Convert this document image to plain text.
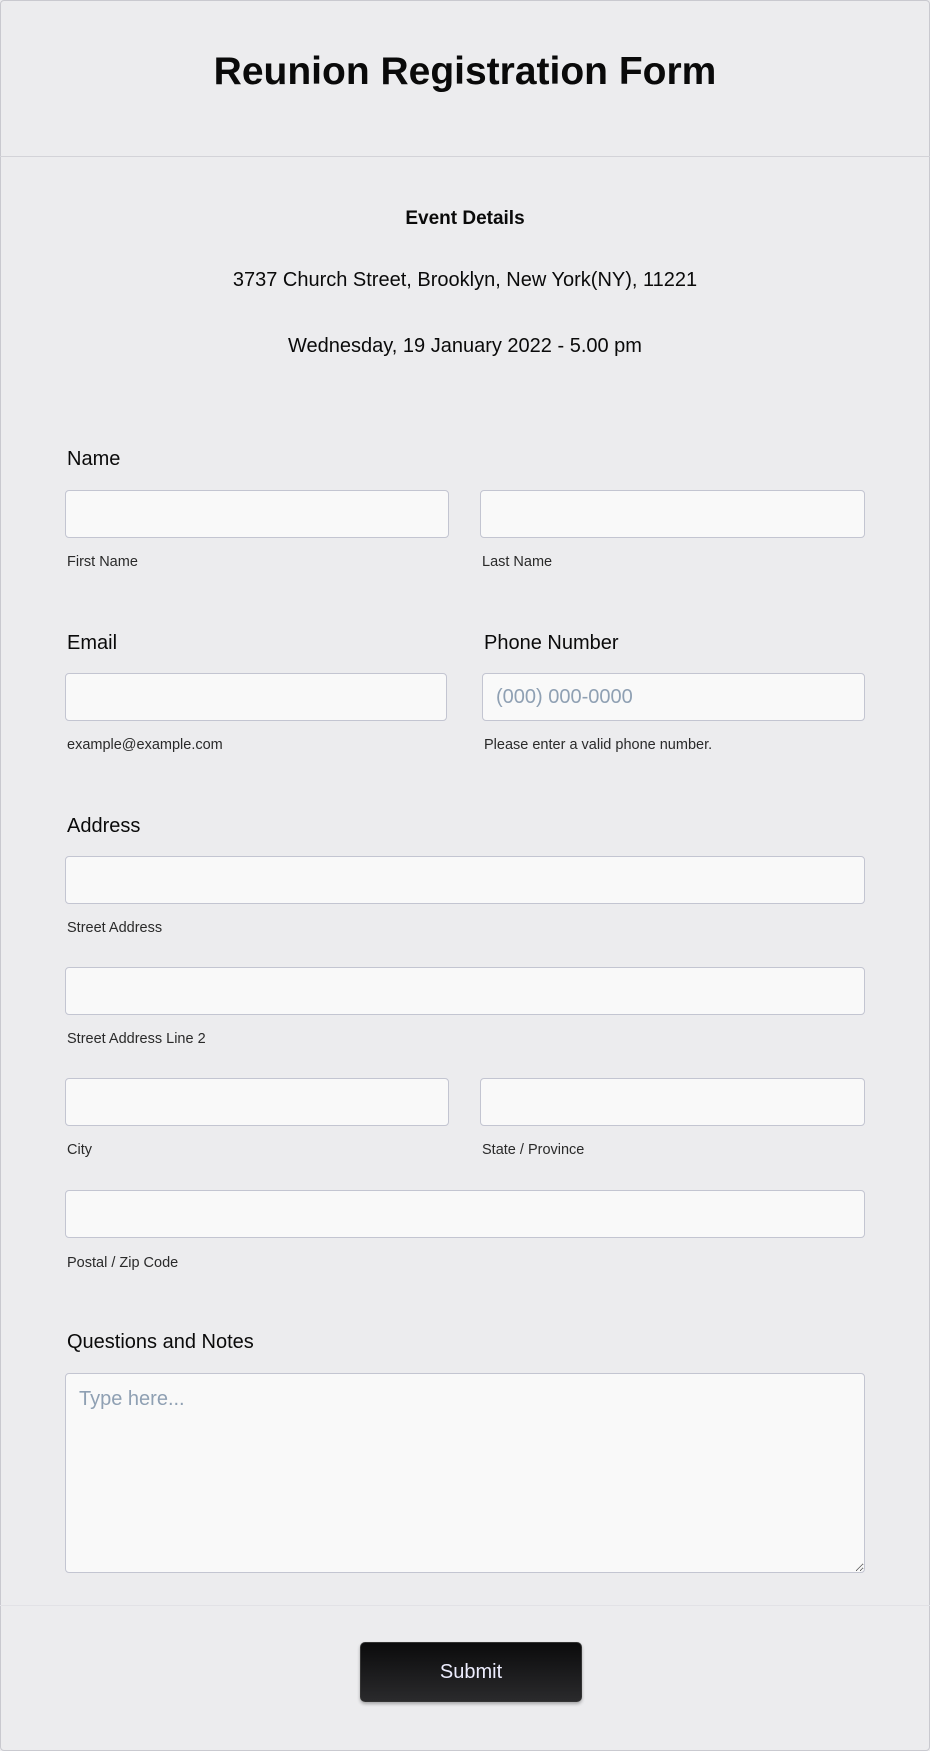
Reunion Registration Form
Event Details
3737 Church Street, Brooklyn, New York(NY), 11221
Wednesday, 19 January 2022 - 5.00 pm
Name
First Name	Last Name
Email	Phone Number
(000) 000-0000
example@example.com	Please enter a valid phone number.
Address
Street Address
Street Address Line 2
City	State / Province
Postal / Zip Code
Questions and Notes
Type here...
Submit
